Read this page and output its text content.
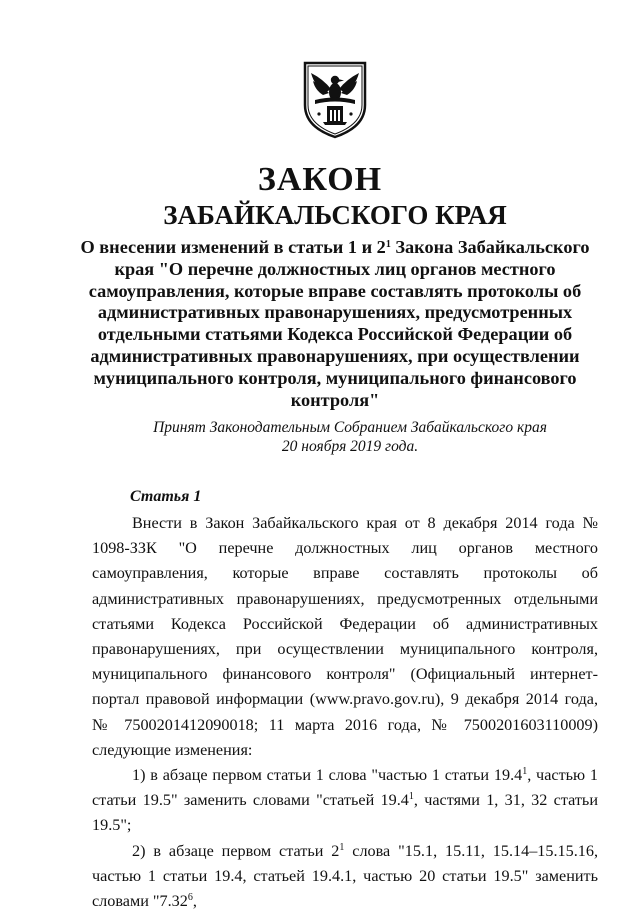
ЗАКОН
ЗАБАЙКАЛЬСКОГО КРАЯ
О внесении изменений в статьи 1 и $2^1$ Закона Забайкальского края "О перечне должностных лиц органов местного самоуправления, которые вправе составлять протоколы об административных правонарушениях, предусмотренных отдельными статьями Кодекса Российской Федерации об административных правонарушениях, при осуществлении муниципального контроля, муниципального финансового контроля"
Принят Законодательным Собранием Забайкальского края
20 ноября 2019 года.
Статья 1

Внести в Закон Забайкальского края от 8 декабря 2014 года № 1098-ЗЗК "О перечне должностных лиц органов местного самоуправления, которые вправе составлять протоколы об административных правонарушениях, предусмотренных отдельными статьями Кодекса Российской Федерации об административных правонарушениях, при осуществлении муниципального контроля, муниципального финансового контроля" (Официальный интернет-портал правовой информации (www.pravo.gov.ru), 9 декабря 2014 года, № 7500201412090018; 11 марта 2016 года, № 7500201603110009) следующие изменения:

1) в абзаце первом статьи 1 слова "частью 1 статьи 19.4$^1$, частью 1 статьи 19.5" заменить словами "статьей 19.4$^1$, частями 1, 31, 32 статьи 19.5";

2) в абзаце первом статьи $2^1$ слова "15.1, 15.11, 15.14–15.15.16, частью 1 статьи 19.4, статьей 19.4.1, частью 20 статьи 19.5" заменить словами "7.32$^6$,
